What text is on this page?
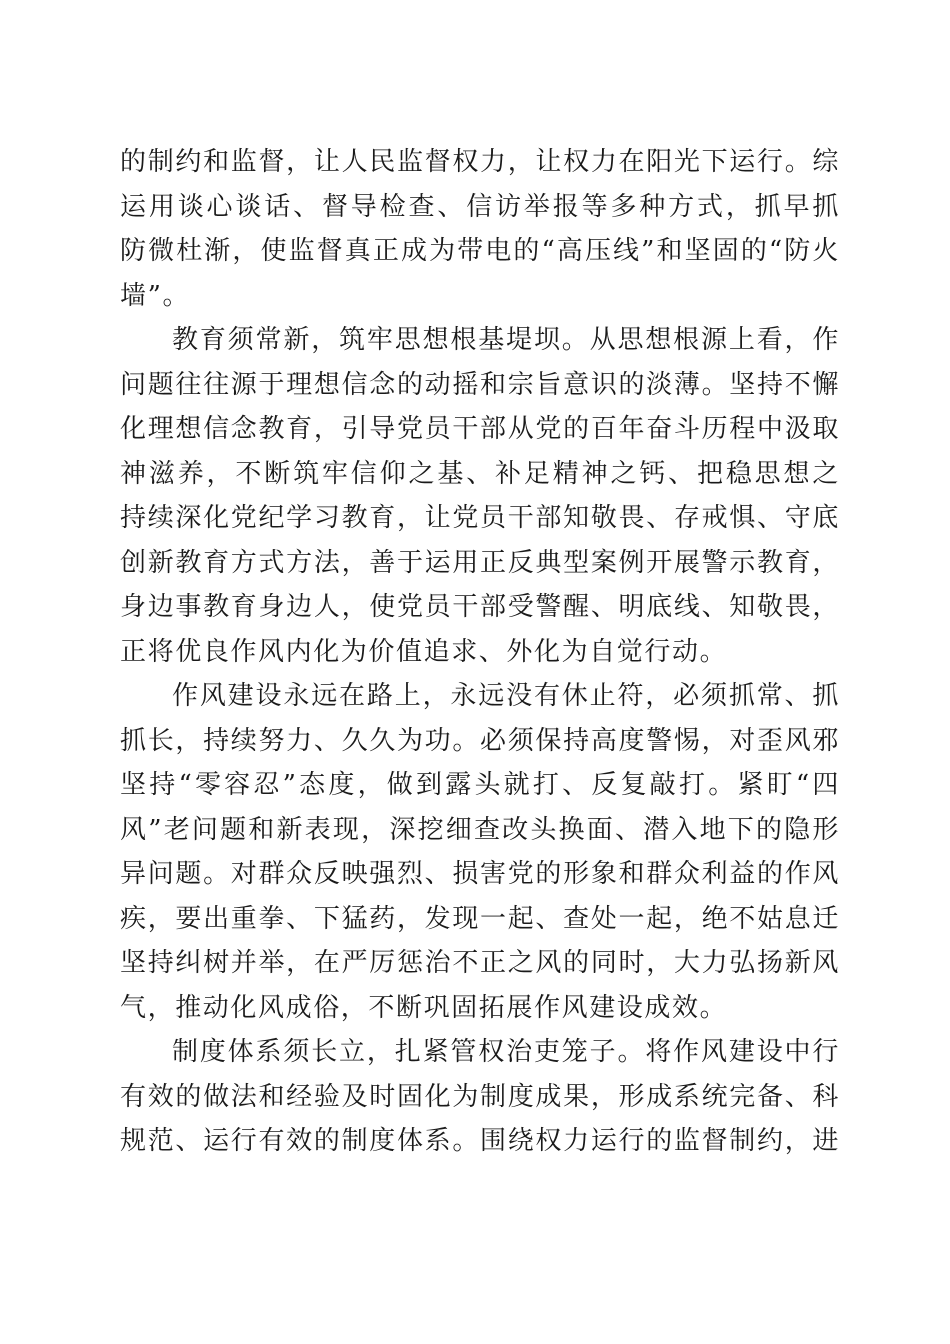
的制约和监督，让人民监督权力，让权力在阳光下运行。综
运用谈心谈话、督导检查、信访举报等多种方式，抓早抓
防微杜渐，使监督真正成为带电的“高压线”和坚固的“防火
墙”。
教育须常新，筑牢思想根基堤坝。从思想根源上看，作
问题往往源于理想信念的动摇和宗旨意识的淡薄。坚持不懈
化理想信念教育，引导党员干部从党的百年奋斗历程中汲取
神滋养，不断筑牢信仰之基、补足精神之钙、把稳思想之
持续深化党纪学习教育，让党员干部知敬畏、存戒惧、守底
创新教育方式方法，善于运用正反典型案例开展警示教育，
身边事教育身边人，使党员干部受警醒、明底线、知敬畏，
正将优良作风内化为价值追求、外化为自觉行动。
作风建设永远在路上，永远没有休止符，必须抓常、抓
抓长，持续努力、久久为功。必须保持高度警惕，对歪风邪
坚持“零容忍”态度，做到露头就打、反复敲打。紧盯“四
风”老问题和新表现，深挖细查改头换面、潜入地下的隐形
异问题。对群众反映强烈、损害党的形象和群众利益的作风
疾，要出重拳、下猛药，发现一起、查处一起，绝不姑息迁
坚持纠树并举，在严厉惩治不正之风的同时，大力弘扬新风
气，推动化风成俗，不断巩固拓展作风建设成效。
制度体系须长立，扎紧管权治吏笼子。将作风建设中行
有效的做法和经验及时固化为制度成果，形成系统完备、科
规范、运行有效的制度体系。围绕权力运行的监督制约，进
